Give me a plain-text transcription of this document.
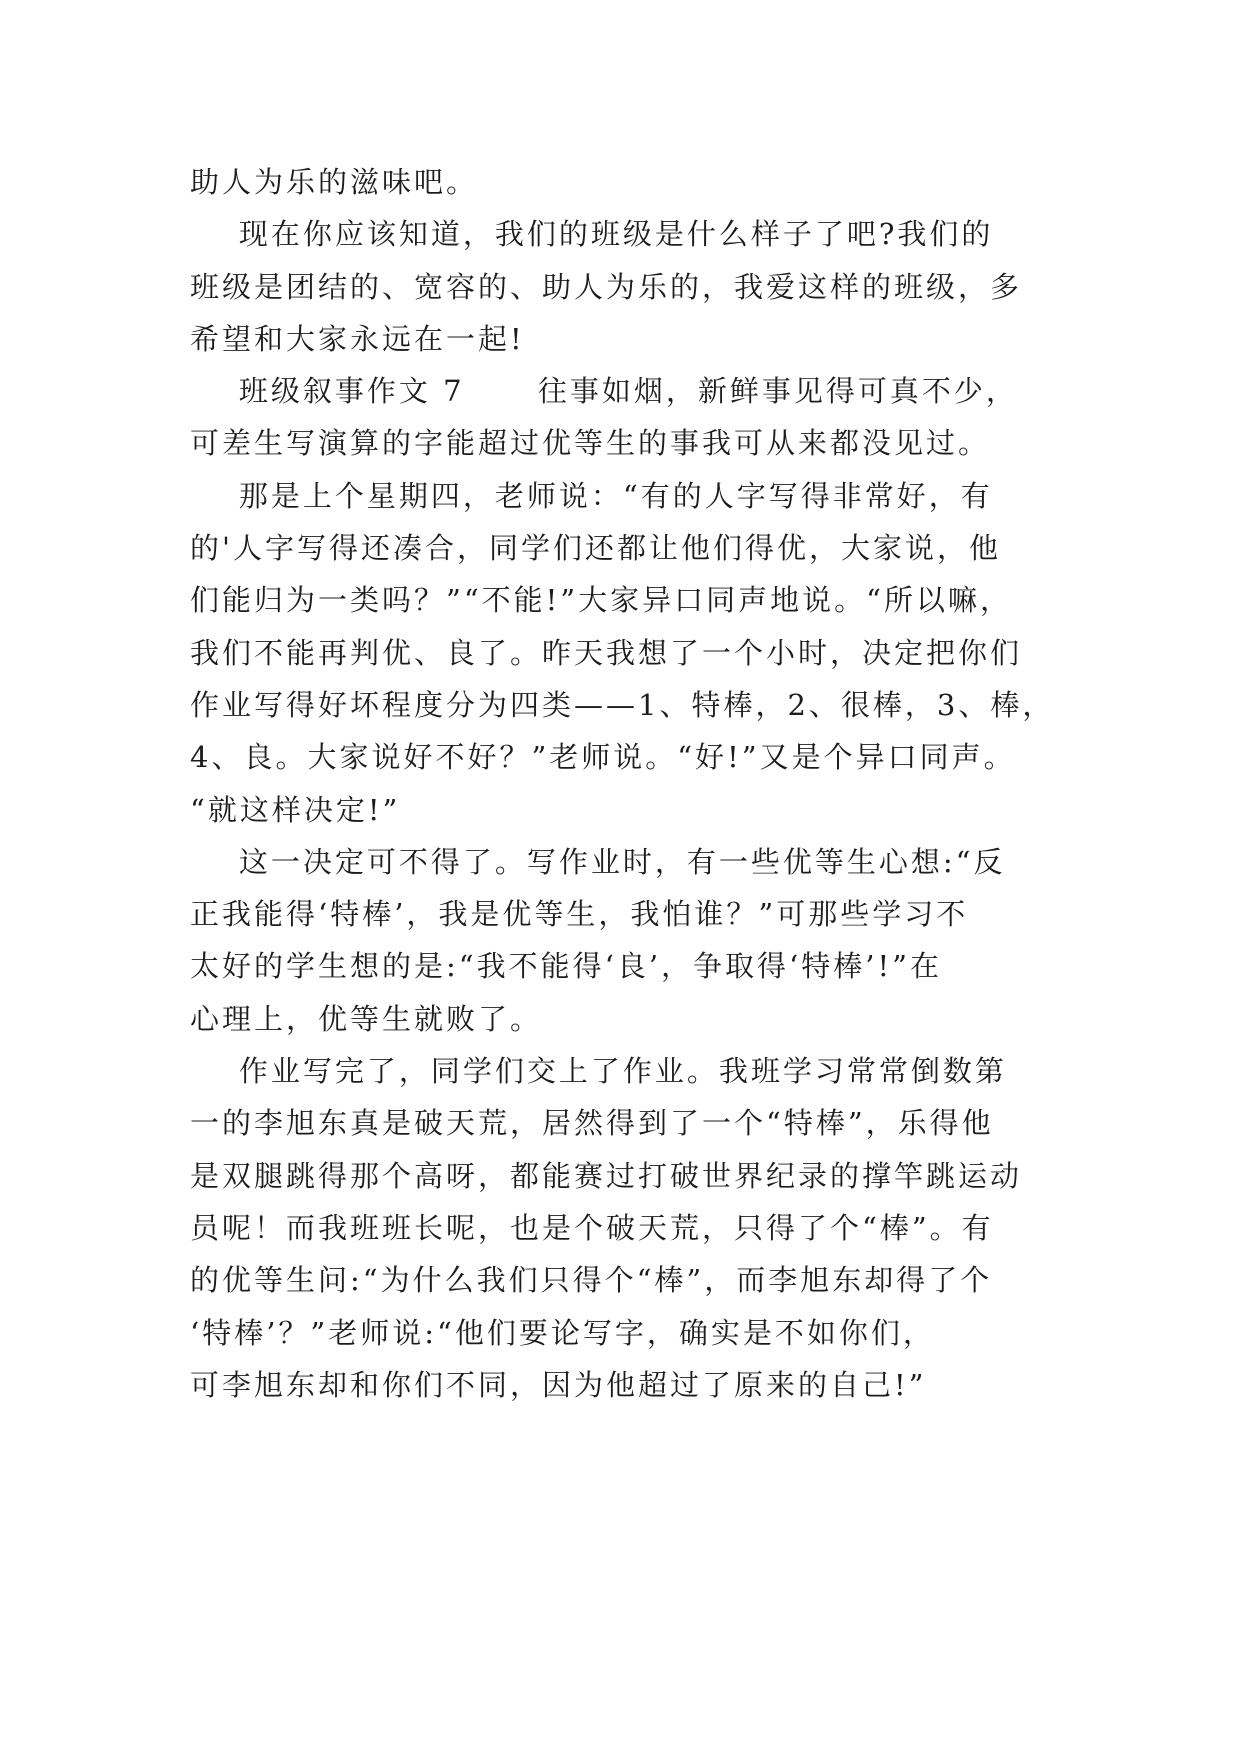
助人为乐的滋味吧。
现在你应该知道，我们的班级是什么样子了吧?我们的
班级是团结的、宽容的、助人为乐的，我爱这样的班级，多
希望和大家永远在一起!
班级叙事作文 7      往事如烟，新鲜事见得可真不少，
可差生写演算的字能超过优等生的事我可从来都没见过。
那是上个星期四，老师说：“有的人字写得非常好，有
的'人字写得还凑合，同学们还都让他们得优，大家说，他
们能归为一类吗？”“不能!”大家异口同声地说。“所以嘛，
我们不能再判优、良了。昨天我想了一个小时，决定把你们
作业写得好坏程度分为四类——1、特棒，2、很棒，3、棒，
4、良。大家说好不好？”老师说。“好!”又是个异口同声。
“就这样决定!”
这一决定可不得了。写作业时，有一些优等生心想:“反
正我能得‘特棒’，我是优等生，我怕谁？”可那些学习不
太好的学生想的是:“我不能得‘良’，争取得‘特棒’!”在
心理上，优等生就败了。
作业写完了，同学们交上了作业。我班学习常常倒数第
一的李旭东真是破天荒，居然得到了一个“特棒”，乐得他
是双腿跳得那个高呀，都能赛过打破世界纪录的撑竿跳运动
员呢！而我班班长呢，也是个破天荒，只得了个“棒”。有
的优等生问:“为什么我们只得个“棒”，而李旭东却得了个
‘特棒’？”老师说:“他们要论写字，确实是不如你们，
可李旭东却和你们不同，因为他超过了原来的自己!”
